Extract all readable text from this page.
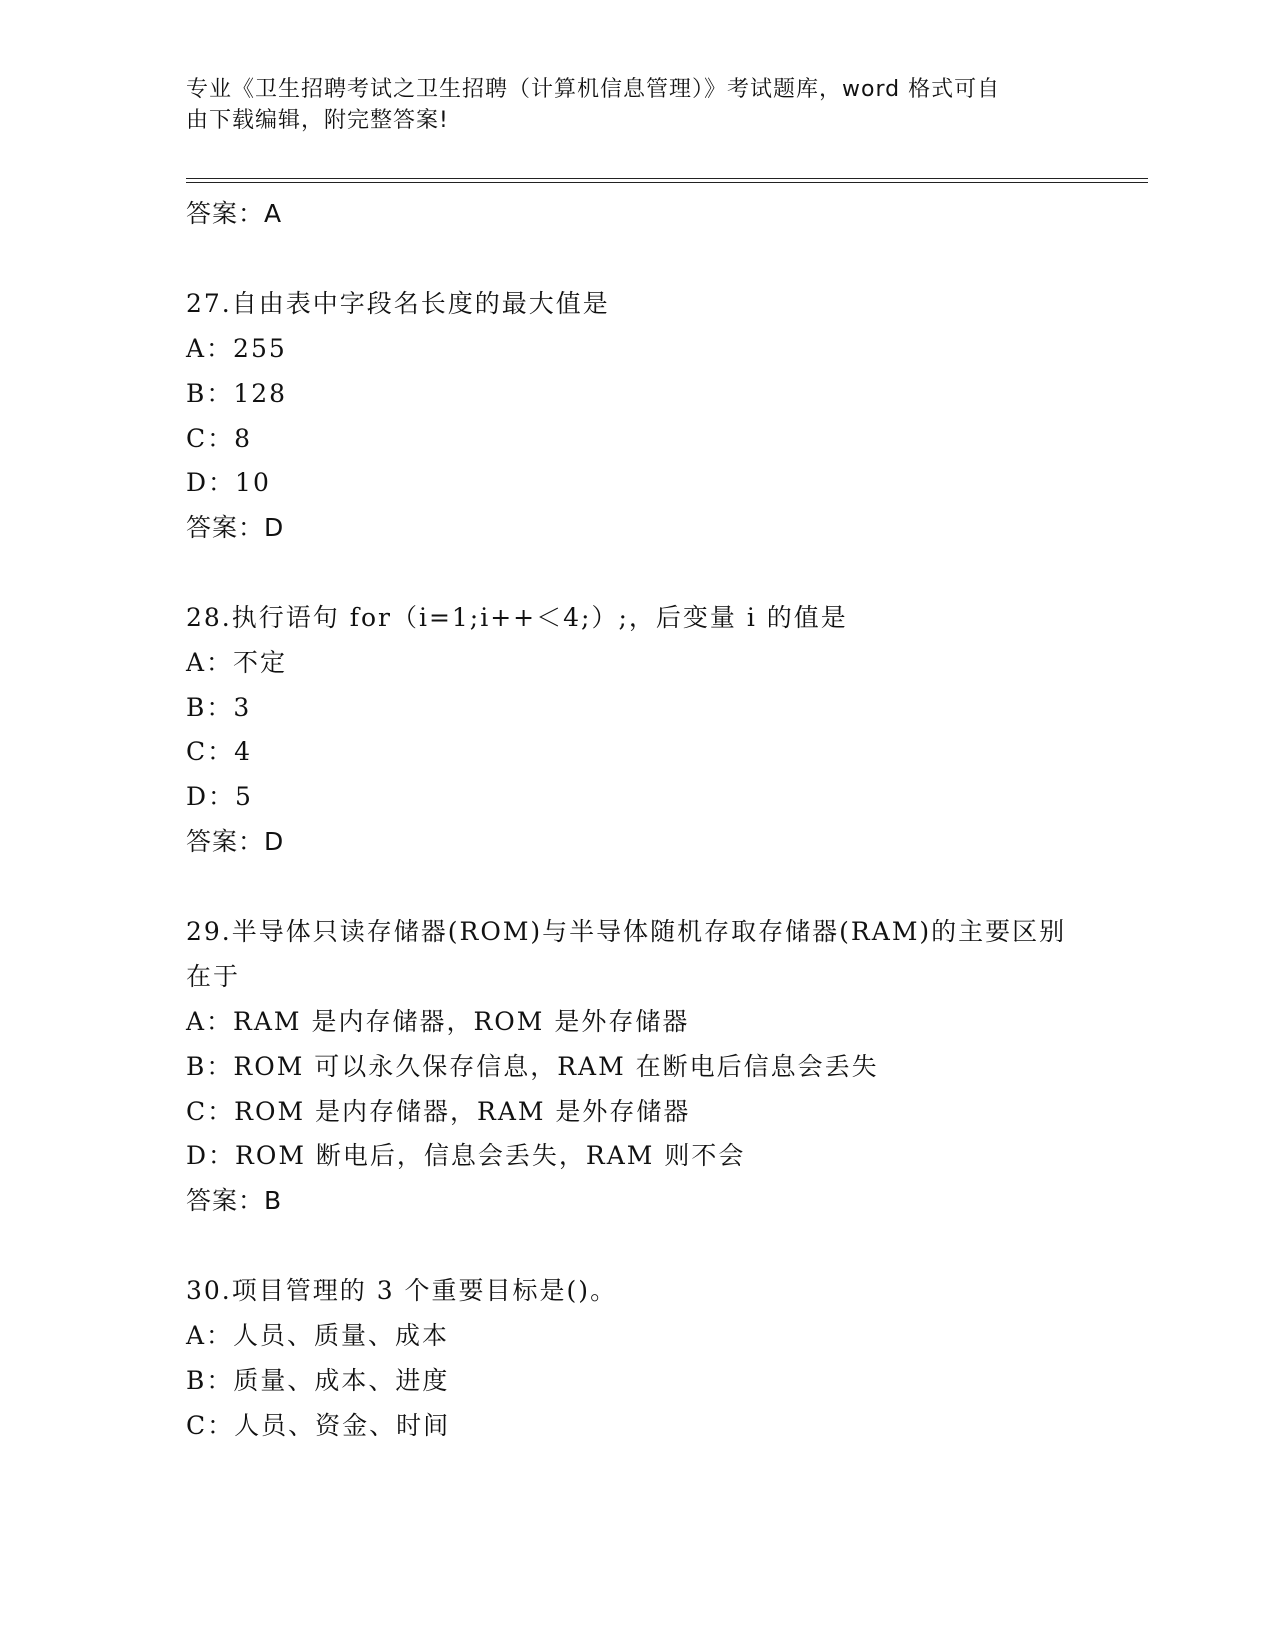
专业《卫生招聘考试之卫生招聘（计算机信息管理）》考试题库，word 格式可自
由下载编辑，附完整答案!
答案：A
27.自由表中字段名长度的最大值是
A：255
B：128
C：8
D：10
答案：D
28.执行语句 for（i=1;i++＜4;）;，后变量 i 的值是
A：不定
B：3
C：4
D：5
答案：D
29.半导体只读存储器(ROM)与半导体随机存取存储器(RAM)的主要区别
在于
A：RAM 是内存储器，ROM 是外存储器
B：ROM 可以永久保存信息，RAM 在断电后信息会丢失
C：ROM 是内存储器，RAM 是外存储器
D：ROM 断电后，信息会丢失，RAM 则不会
答案：B
30.项目管理的 3 个重要目标是()。
A：人员、质量、成本
B：质量、成本、进度
C：人员、资金、时间
